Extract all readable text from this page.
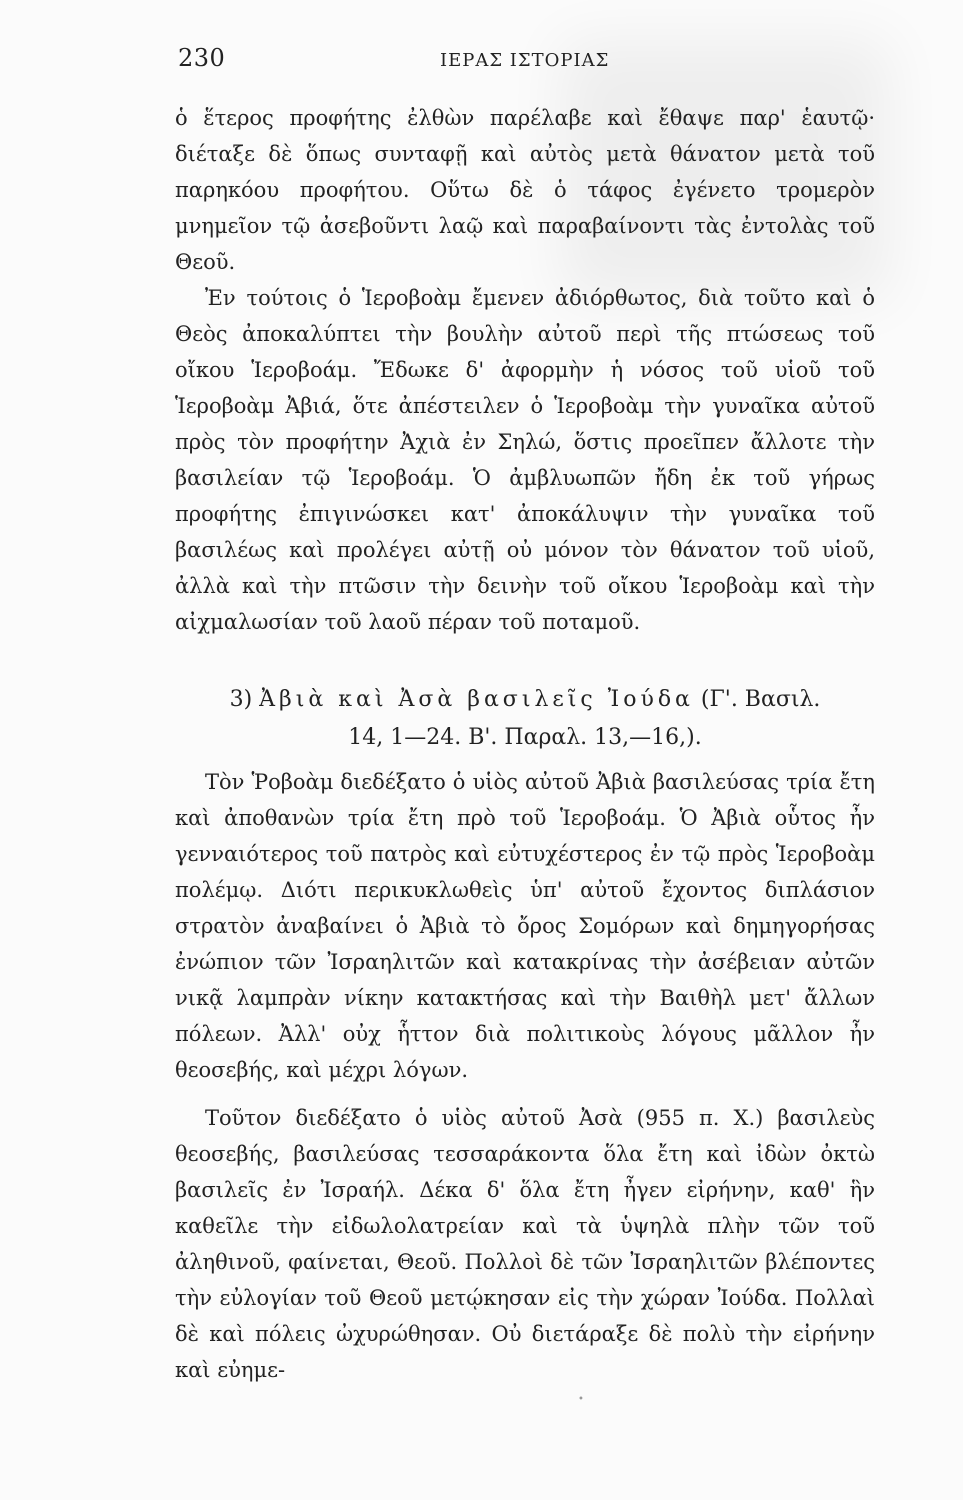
230	ΙΕΡΑΣ ΙΣΤΟΡΙΑΣ

ὁ ἕτερος προφήτης ἐλθὼν παρέλαβε καὶ ἔθαψε παρ' ἑαυτῷ· διέταξε δὲ ὅπως συνταφῇ καὶ αὐτὸς μετὰ θάνατον μετὰ τοῦ παρηκόου προφήτου. Οὕτω δὲ ὁ τάφος ἐγένετο τρομερὸν μνημεῖον τῷ ἀσεβοῦντι λαῷ καὶ παραβαίνοντι τὰς ἐντολὰς τοῦ Θεοῦ.

Ἐν τούτοις ὁ Ἱεροβοὰμ ἔμενεν ἀδιόρθωτος, διὰ τοῦτο καὶ ὁ Θεὸς ἀποκαλύπτει τὴν βουλὴν αὐτοῦ περὶ τῆς πτώσεως τοῦ οἴκου Ἱεροβοάμ. Ἔδωκε δ' ἀφορμὴν ἡ νόσος τοῦ υἱοῦ τοῦ Ἱεροβοὰμ Ἀβιά, ὅτε ἀπέστειλεν ὁ Ἱεροβοὰμ τὴν γυναῖκα αὐτοῦ πρὸς τὸν προφήτην Ἀχιὰ ἐν Σηλώ, ὅστις προεῖπεν ἄλλοτε τὴν βασιλείαν τῷ Ἱεροβοάμ. Ὁ ἀμβλυωπῶν ἤδη ἐκ τοῦ γήρως προφήτης ἐπιγινώσκει κατ' ἀποκάλυψιν τὴν γυναῖκα τοῦ βασιλέως καὶ προλέγει αὐτῇ οὐ μόνον τὸν θάνατον τοῦ υἱοῦ, ἀλλὰ καὶ τὴν πτῶσιν τὴν δεινὴν τοῦ οἴκου Ἱεροβοὰμ καὶ τὴν αἰχμαλωσίαν τοῦ λαοῦ πέραν τοῦ ποταμοῦ.

3) Ἀβιὰ καὶ Ἀσὰ βασιλεῖς Ἰούδα (Γ'. Βασιλ.
14, 1—24. Β'. Παραλ. 13,—16,).

Τὸν Ῥοβοὰμ διεδέξατο ὁ υἱὸς αὐτοῦ Ἀβιὰ βασιλεύσας τρία ἔτη καὶ ἀποθανὼν τρία ἔτη πρὸ τοῦ Ἱεροβοάμ. Ὁ Ἀβιὰ οὗτος ἦν γενναιότερος τοῦ πατρὸς καὶ εὐτυχέστερος ἐν τῷ πρὸς Ἱεροβοὰμ πολέμῳ. Διότι περικυκλωθεὶς ὑπ' αὐτοῦ ἔχοντος διπλάσιον στρατὸν ἀναβαίνει ὁ Ἀβιὰ τὸ ὄρος Σομόρων καὶ δημηγορήσας ἐνώπιον τῶν Ἰσραηλιτῶν καὶ κατακρίνας τὴν ἀσέβειαν αὐτῶν νικᾷ λαμπρὰν νίκην κατακτήσας καὶ τὴν Βαιθὴλ μετ' ἄλλων πόλεων. Ἀλλ' οὐχ ἧττον διὰ πολιτικοὺς λόγους μᾶλλον ἦν θεοσεβής, καὶ μέχρι λόγων.

Τοῦτον διεδέξατο ὁ υἱὸς αὐτοῦ Ἀσὰ (955 π. Χ.) βασιλεὺς θεοσεβής, βασιλεύσας τεσσαράκοντα ὅλα ἔτη καὶ ἰδὼν ὀκτὼ βασιλεῖς ἐν Ἰσραήλ. Δέκα δ' ὅλα ἔτη ἦγεν εἰρήνην, καθ' ἣν καθεῖλε τὴν εἰδωλολατρείαν καὶ τὰ ὑψηλὰ πλὴν τῶν τοῦ ἀληθινοῦ, φαίνεται, Θεοῦ. Πολλοὶ δὲ τῶν Ἰσραηλιτῶν βλέποντες τὴν εὐλογίαν τοῦ Θεοῦ μετῴκησαν εἰς τὴν χώραν Ἰούδα. Πολλαὶ δὲ καὶ πόλεις ὠχυρώθησαν. Οὐ διετάραξε δὲ πολὺ τὴν εἰρήνην καὶ εὐημε-

•
